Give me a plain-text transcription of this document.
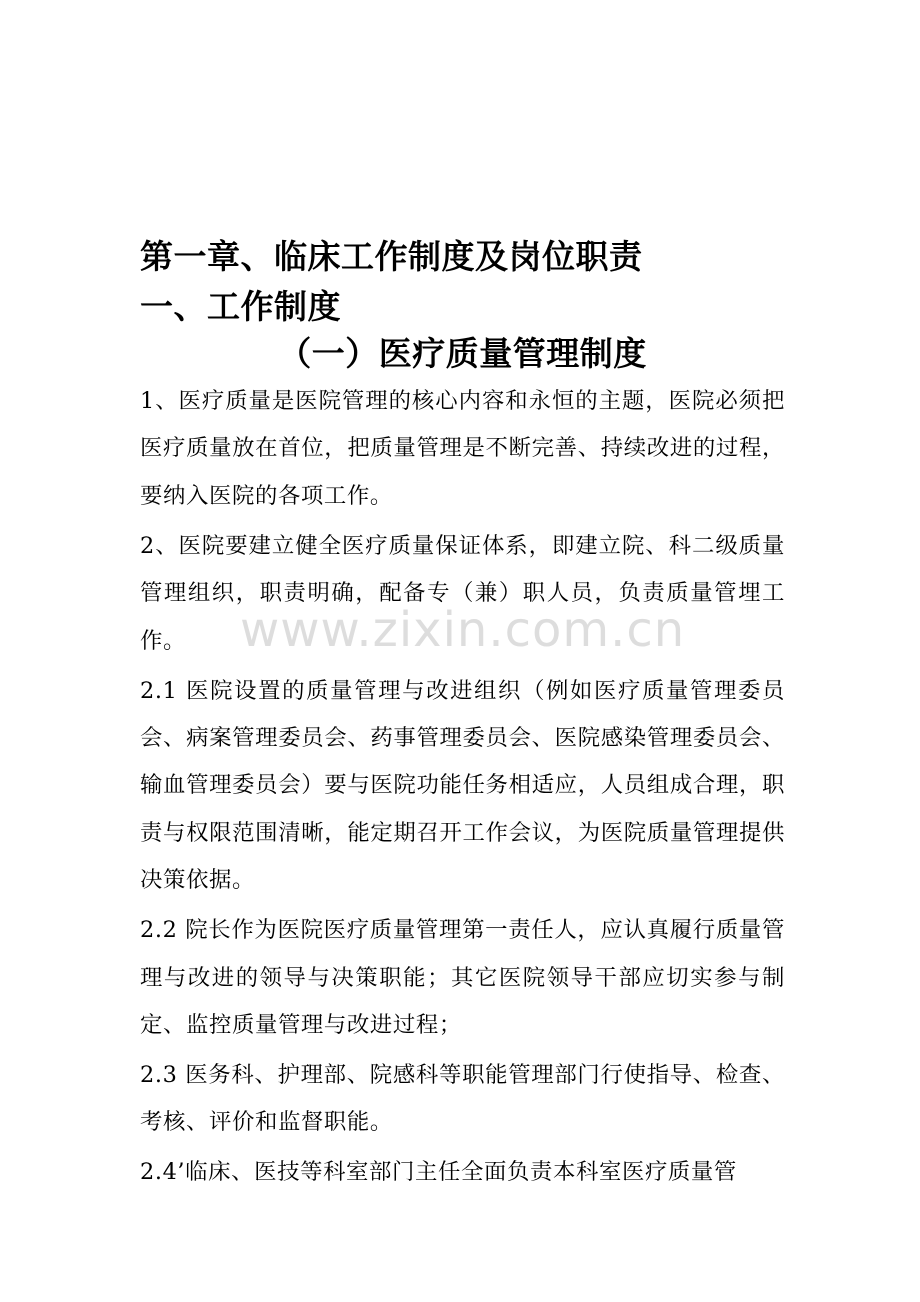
第一章、临床工作制度及岗位职责
一、工作制度
（一）医疗质量管理制度

1、医疗质量是医院管理的核心内容和永恒的主题，医院必须把医疗质量放在首位，把质量管理是不断完善、持续改进的过程，要纳入医院的各项工作。

2、医院要建立健全医疗质量保证体系，即建立院、科二级质量管理组织，职责明确，配备专（兼）职人员，负责质量管埋工作。

2.1 医院设置的质量管理与改进组织（例如医疗质量管理委员会、病案管理委员会、药事管理委员会、医院感染管理委员会、输血管理委员会）要与医院功能任务相适应，人员组成合理，职责与权限范围清晰，能定期召开工作会议，为医院质量管理提供决策依据。

2.2 院长作为医院医疗质量管理第一责任人，应认真履行质量管理与改进的领导与决策职能；其它医院领导干部应切实参与制定、监控质量管理与改进过程；

2.3 医务科、护理部、院感科等职能管理部门行使指导、检查、考核、评价和监督职能。

2.4’临床、医技等科室部门主任全面负责本科室医疗质量管

www.zixin.com.cn
